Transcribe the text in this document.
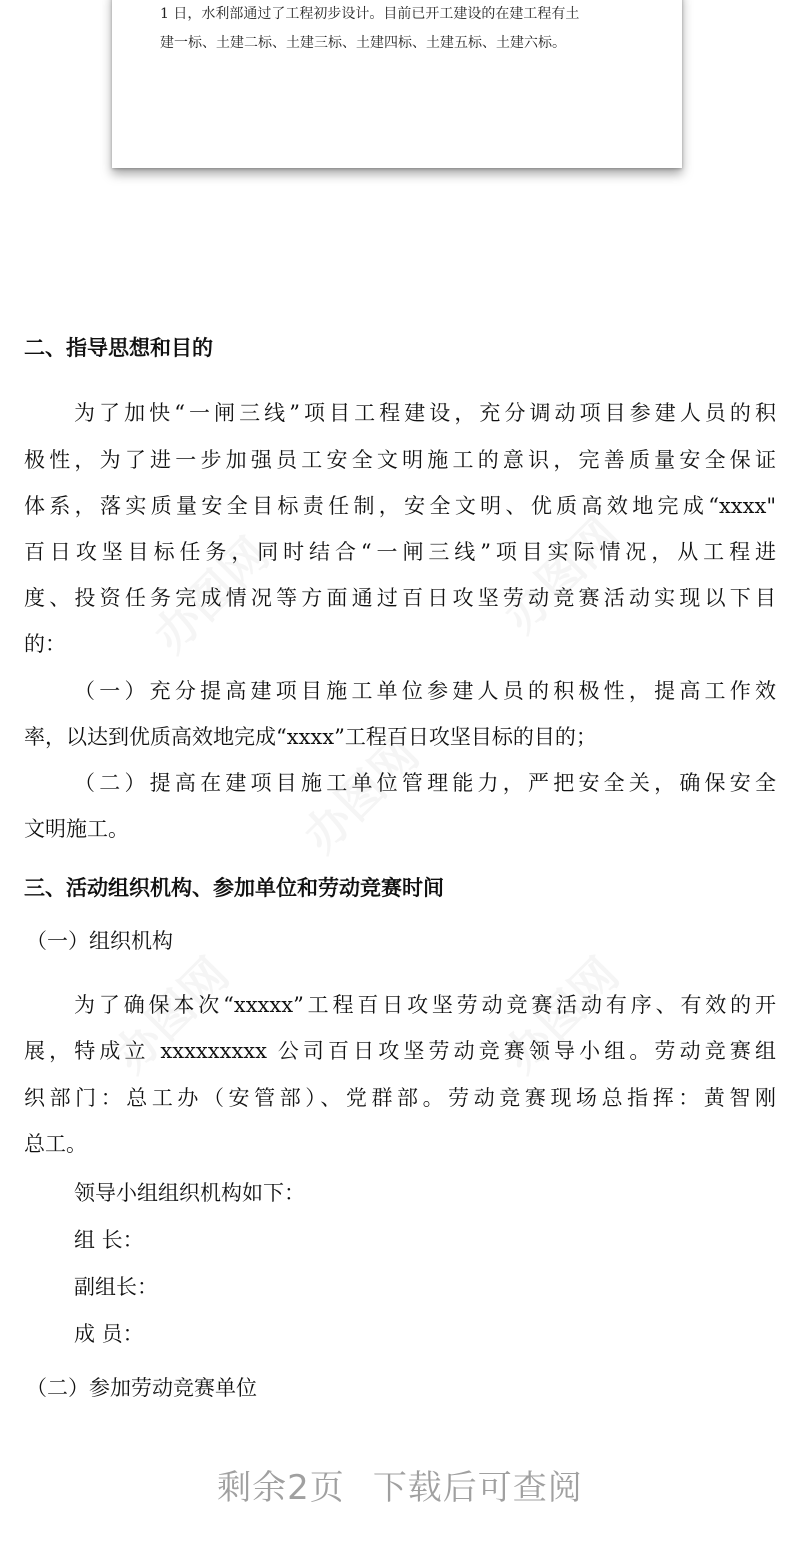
办图网	办图网
办图网
办图网	办图网
1 日，水利部通过了工程初步设计。目前已开工建设的在建工程有土
建一标、土建二标、土建三标、土建四标、土建五标、土建六标。
二、指导思想和目的
为了加快“一闸三线”项目工程建设，充分调动项目参建人员的积
极性，为了进一步加强员工安全文明施工的意识，完善质量安全保证
体系，落实质量安全目标责任制，安全文明、优质高效地完成“xxxx"
百日攻坚目标任务，同时结合“一闸三线”项目实际情况，从工程进
度、投资任务完成情况等方面通过百日攻坚劳动竞赛活动实现以下目
的：
（一）充分提高建项目施工单位参建人员的积极性，提高工作效
率，以达到优质高效地完成“xxxx”工程百日攻坚目标的目的；
（二）提高在建项目施工单位管理能力，严把安全关，确保安全
文明施工。
三、活动组织机构、参加单位和劳动竞赛时间
（一）组织机构
为了确保本次“xxxxx”工程百日攻坚劳动竞赛活动有序、有效的开
展，特成立 xxxxxxxxx 公司百日攻坚劳动竞赛领导小组。劳动竞赛组
织部门：总工办（安管部）、党群部。劳动竞赛现场总指挥：黄智刚
总工。
领导小组组织机构如下：
组 长：
副组长：
成 员：
（二）参加劳动竞赛单位
剩余2页 下载后可查阅
